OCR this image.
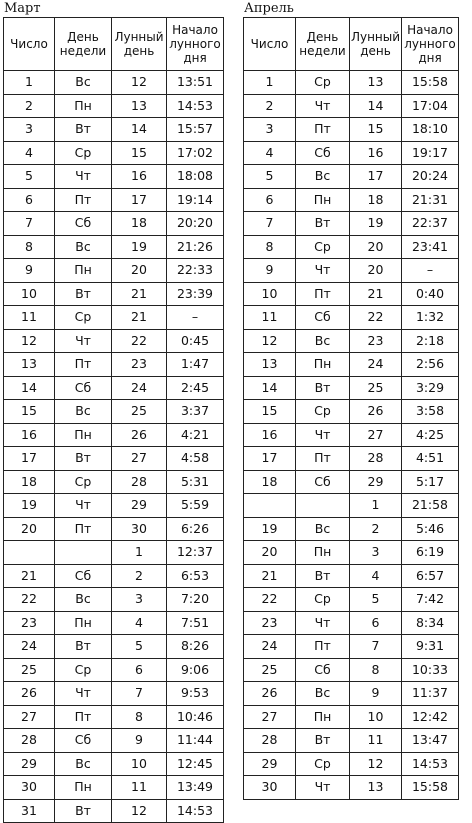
Март
Число	День недели	Лунный день	Начало лунного дня
1	Вс	12	13:51
2	Пн	13	14:53
3	Вт	14	15:57
4	Ср	15	17:02
5	Чт	16	18:08
6	Пт	17	19:14
7	Сб	18	20:20
8	Вс	19	21:26
9	Пн	20	22:33
10	Вт	21	23:39
11	Ср	21	–
12	Чт	22	0:45
13	Пт	23	1:47
14	Сб	24	2:45
15	Вс	25	3:37
16	Пн	26	4:21
17	Вт	27	4:58
18	Ср	28	5:31
19	Чт	29	5:59
20	Пт	30	6:26
		1	12:37
21	Сб	2	6:53
22	Вс	3	7:20
23	Пн	4	7:51
24	Вт	5	8:26
25	Ср	6	9:06
26	Чт	7	9:53
27	Пт	8	10:46
28	Сб	9	11:44
29	Вс	10	12:45
30	Пн	11	13:49
31	Вт	12	14:53
Апрель
Число	День недели	Лунный день	Начало лунного дня
1	Ср	13	15:58
2	Чт	14	17:04
3	Пт	15	18:10
4	Сб	16	19:17
5	Вс	17	20:24
6	Пн	18	21:31
7	Вт	19	22:37
8	Ср	20	23:41
9	Чт	20	–
10	Пт	21	0:40
11	Сб	22	1:32
12	Вс	23	2:18
13	Пн	24	2:56
14	Вт	25	3:29
15	Ср	26	3:58
16	Чт	27	4:25
17	Пт	28	4:51
18	Сб	29	5:17
		1	21:58
19	Вс	2	5:46
20	Пн	3	6:19
21	Вт	4	6:57
22	Ср	5	7:42
23	Чт	6	8:34
24	Пт	7	9:31
25	Сб	8	10:33
26	Вс	9	11:37
27	Пн	10	12:42
28	Вт	11	13:47
29	Ср	12	14:53
30	Чт	13	15:58
